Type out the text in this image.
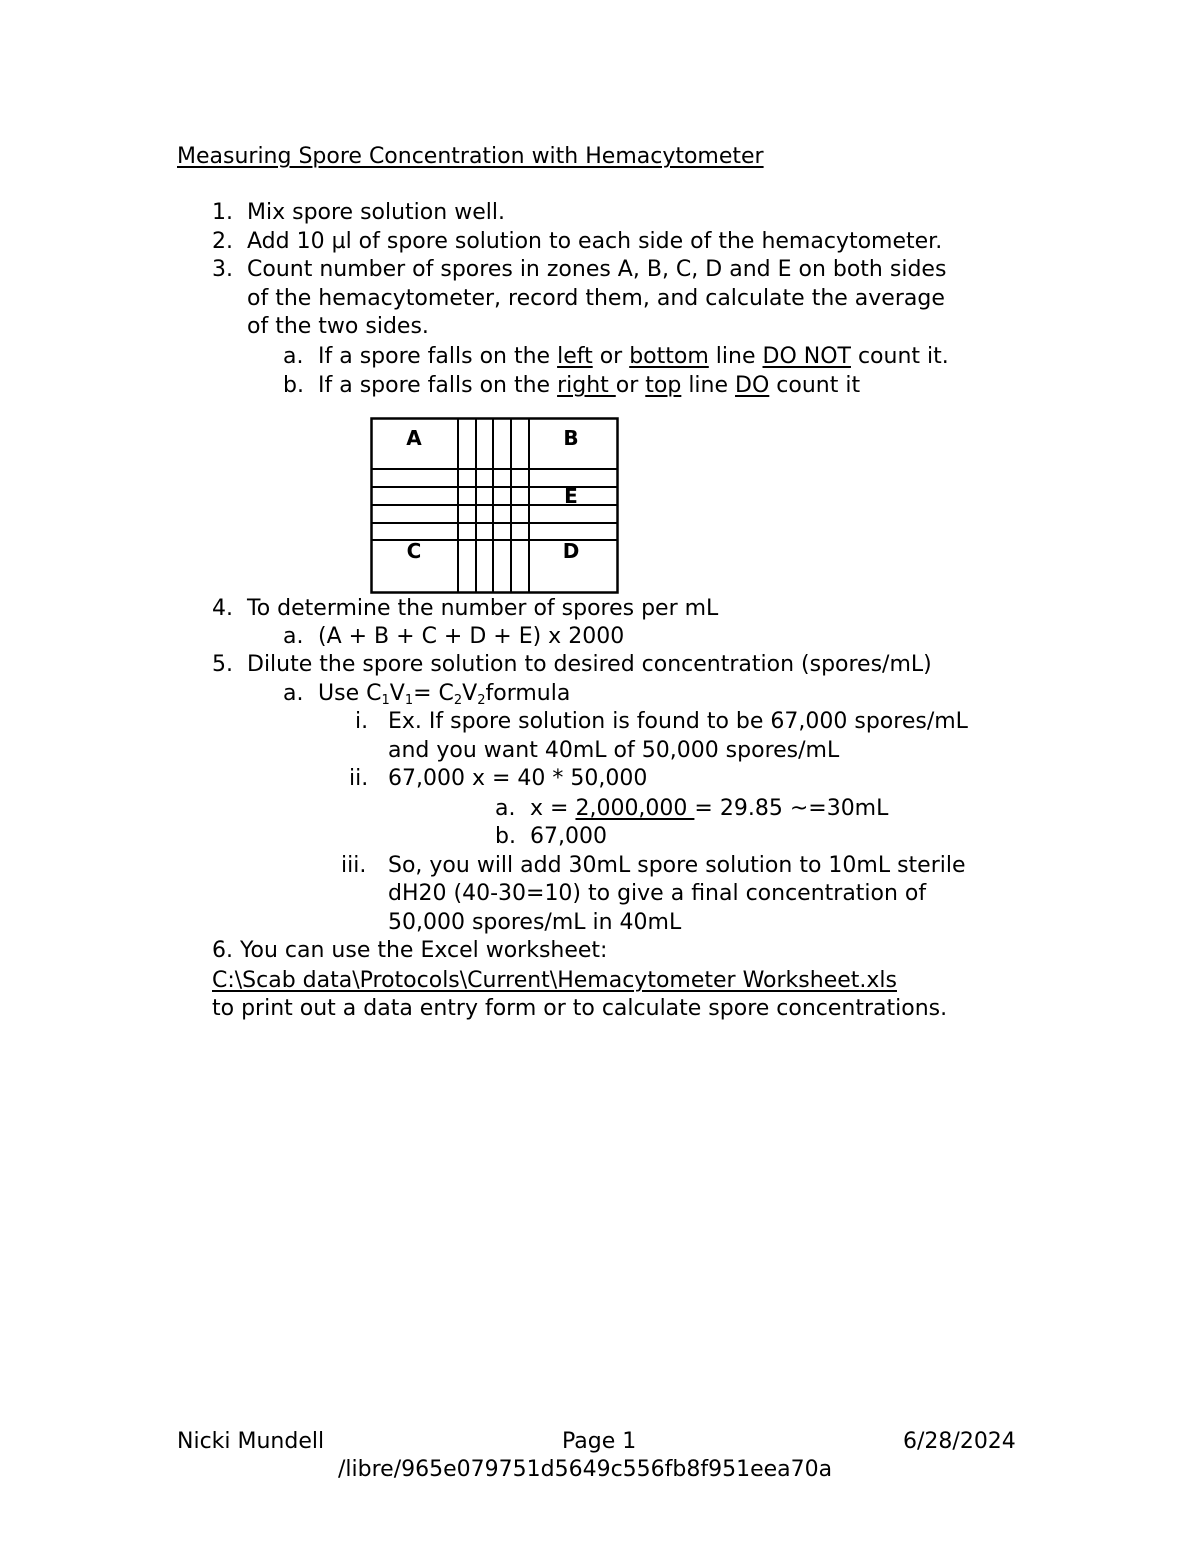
Measuring Spore Concentration with Hemacytometer
1. Mix spore solution well.
2. Add 10 µl of spore solution to each side of the hemacytometer.
3. Count number of spores in zones A, B, C, D and E on both sides
of the hemacytometer, record them, and calculate the average
of the two sides.
a. If a spore falls on the left or bottom line DO NOT count it.
b. If a spore falls on the right or top line DO count it
A	B
E
C	D
4. To determine the number of spores per mL
a. (A + B + C + D + E) x 2000
5. Dilute the spore solution to desired concentration (spores/mL)
a. Use $C_1V_1=$ $C_2V_2formula$
i. Ex. If spore solution is found to be 67,000 spores/mL
and you want 40mL of 50,000 spores/mL
ii. 67,000 x = 40 * 50,000
a. x = 2,000,000 = 29.85 ~=30mL
b. 67,000
iii. So, you will add 30mL spore solution to 10mL sterile
dH20 (40-30=10) to give a final concentration of
50,000 spores/mL in 40mL
6. You can use the Excel worksheet:
C:\Scab data\Protocols\Current\Hemacytometer Worksheet.xls
to print out a data entry form or to calculate spore concentrations.
Nicki Mundell	Page 1	6/28/2024
/libre/965e079751d5649c556fb8f951eea70a
